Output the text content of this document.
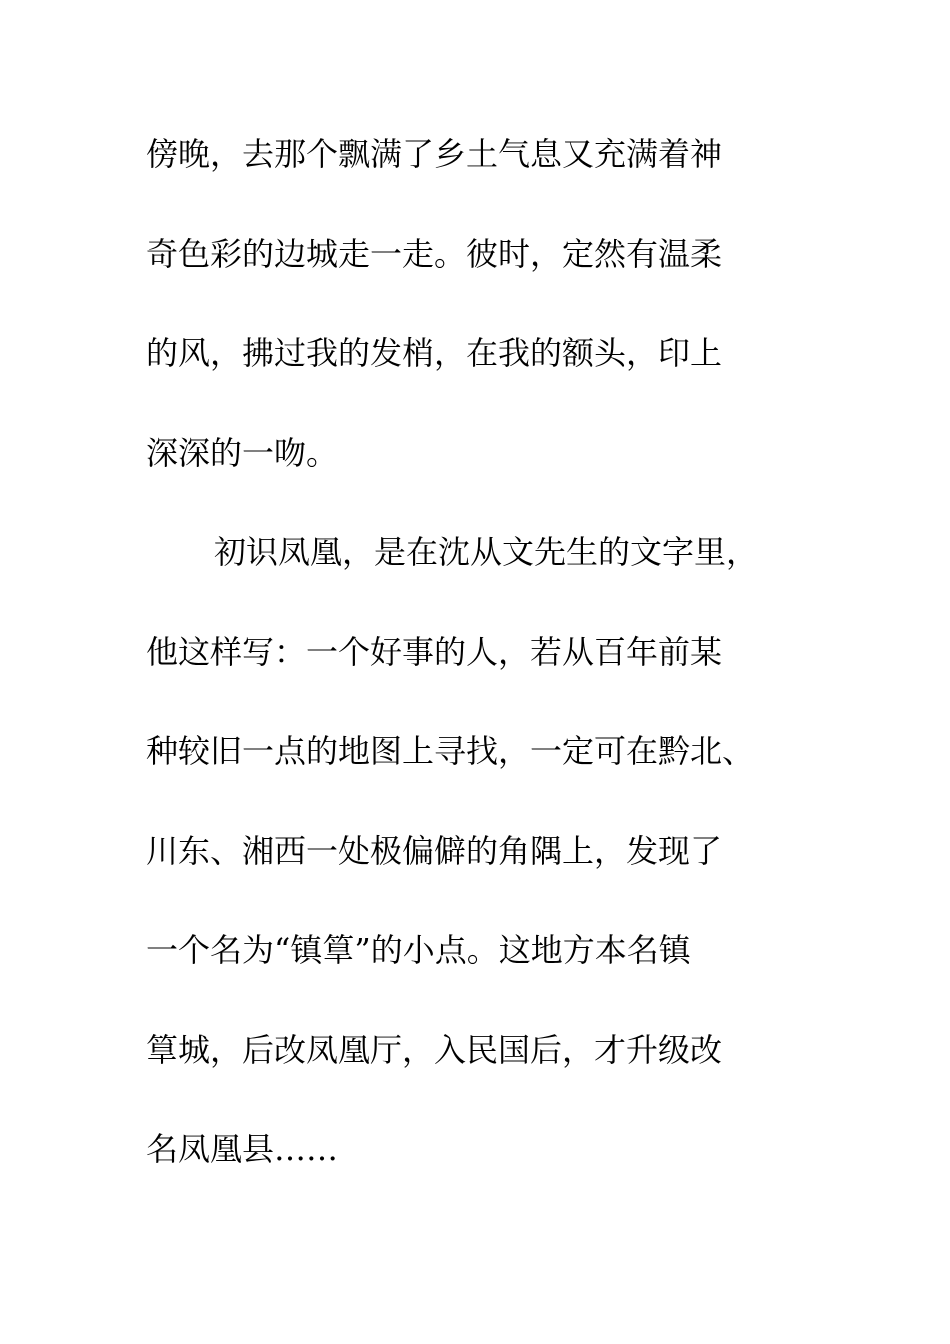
傍晚，去那个飘满了乡土气息又充满着神
奇色彩的边城走一走。彼时，定然有温柔
的风，拂过我的发梢，在我的额头，印上
深深的一吻。
初识凤凰，是在沈从文先生的文字里，
他这样写：一个好事的人，若从百年前某
种较旧一点的地图上寻找，一定可在黔北、
川东、湘西一处极偏僻的角隅上，发现了
一个名为“镇筸”的小点。这地方本名镇
筸城，后改凤凰厅，入民国后，才升级改
名凤凰县……
